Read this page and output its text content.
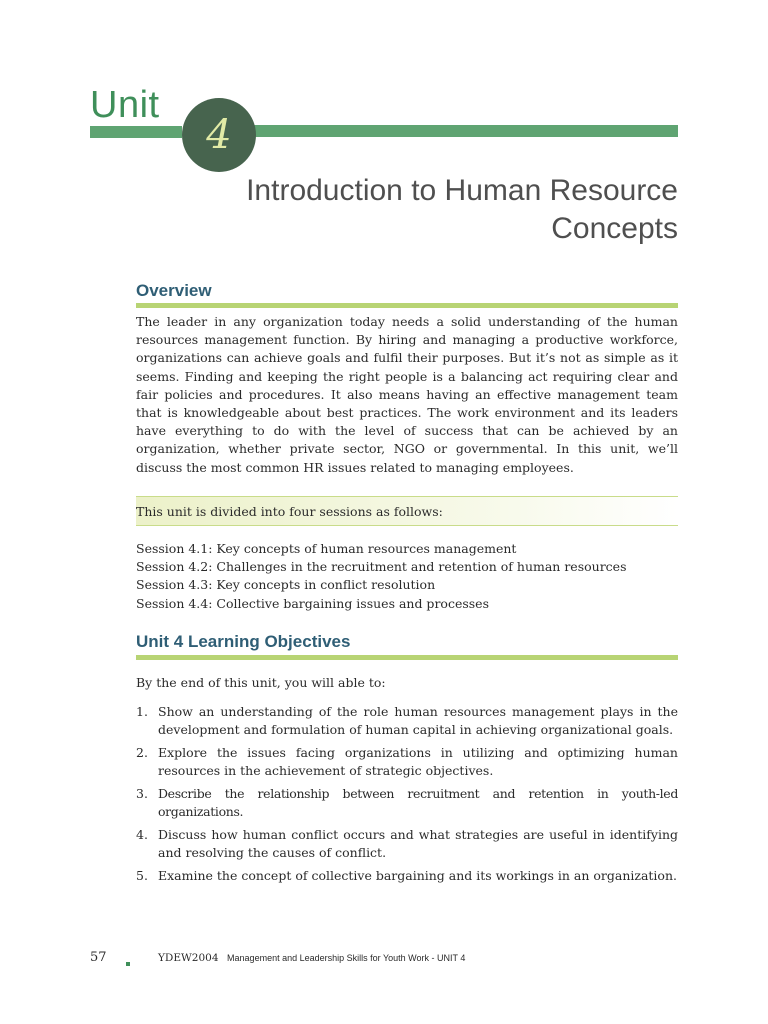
Unit
4
Introduction to Human Resource
Concepts
Overview
The leader in any organization today needs a solid understanding of the human resources management function. By hiring and managing a productive workforce, organizations can achieve goals and fulfil their purposes. But it’s not as simple as it seems. Finding and keeping the right people is a balancing act requiring clear and fair policies and procedures. It also means having an effective management team that is knowledgeable about best practices. The work environment and its leaders have everything to do with the level of success that can be achieved by an organization, whether private sector, NGO or governmental. In this unit, we’ll discuss the most common HR issues related to managing employees.
This unit is divided into four sessions as follows:
Session 4.1: Key concepts of human resources management
Session 4.2: Challenges in the recruitment and retention of human resources
Session 4.3: Key concepts in conflict resolution
Session 4.4: Collective bargaining issues and processes
Unit 4 Learning Objectives
By the end of this unit, you will able to:
1. Show an understanding of the role human resources management plays in the development and formulation of human capital in achieving organizational goals.
2. Explore the issues facing organizations in utilizing and optimizing human resources in the achievement of strategic objectives.
3. Describe the relationship between recruitment and retention in youth-led organizations.
4. Discuss how human conflict occurs and what strategies are useful in identifying and resolving the causes of conflict.
5. Examine the concept of collective bargaining and its workings in an organization.
57	YDEW2004 Management and Leadership Skills for Youth Work - UNIT 4
